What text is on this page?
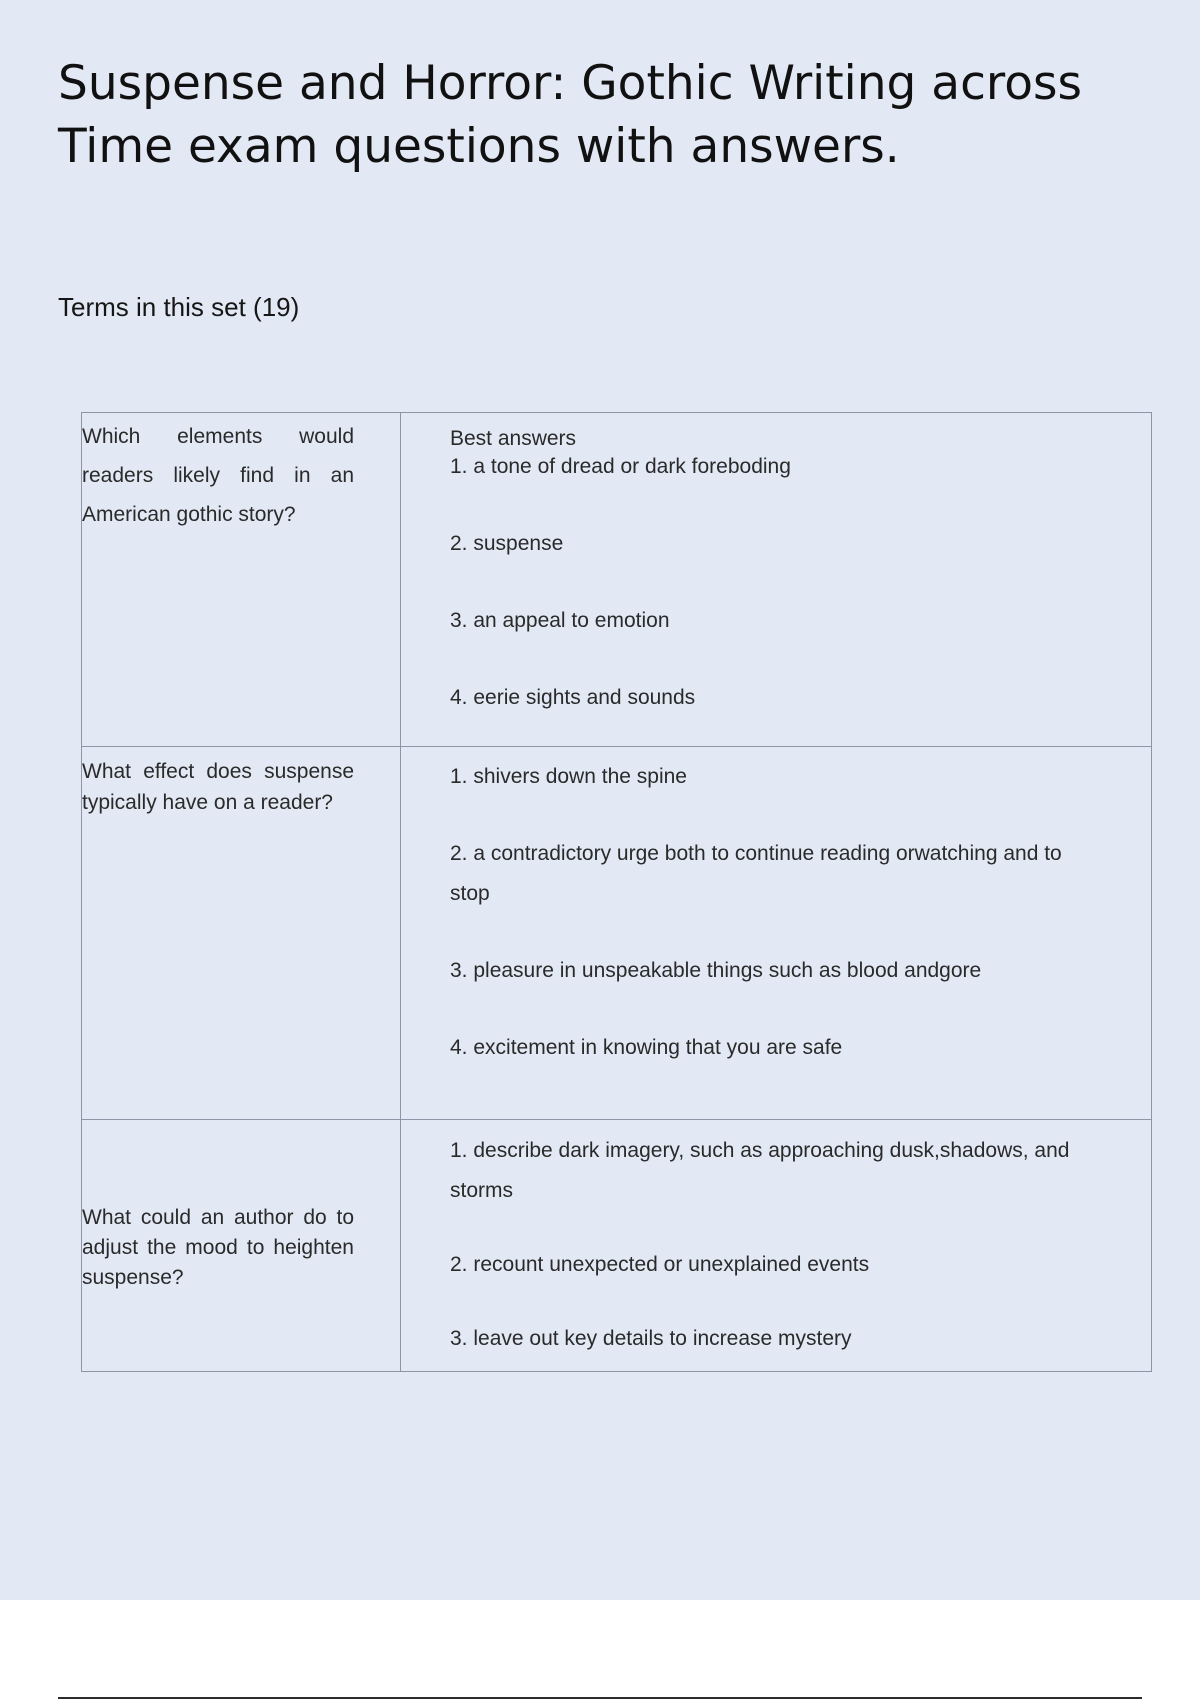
Suspense and Horror: Gothic Writing across Time exam questions with answers.

Terms in this set (19)

Which elements would readers likely find in an American gothic story?	Best answers
1. a tone of dread or dark foreboding
2. suspense
3. an appeal to emotion
4. eerie sights and sounds

What effect does suspense typically have on a reader?	1. shivers down the spine
2. a contradictory urge both to continue reading orwatching and to stop
3. pleasure in unspeakable things such as blood andgore
4. excitement in knowing that you are safe

What could an author do to adjust the mood to heighten suspense?	1. describe dark imagery, such as approaching dusk,shadows, and storms
2. recount unexpected or unexplained events
3. leave out key details to increase mystery
